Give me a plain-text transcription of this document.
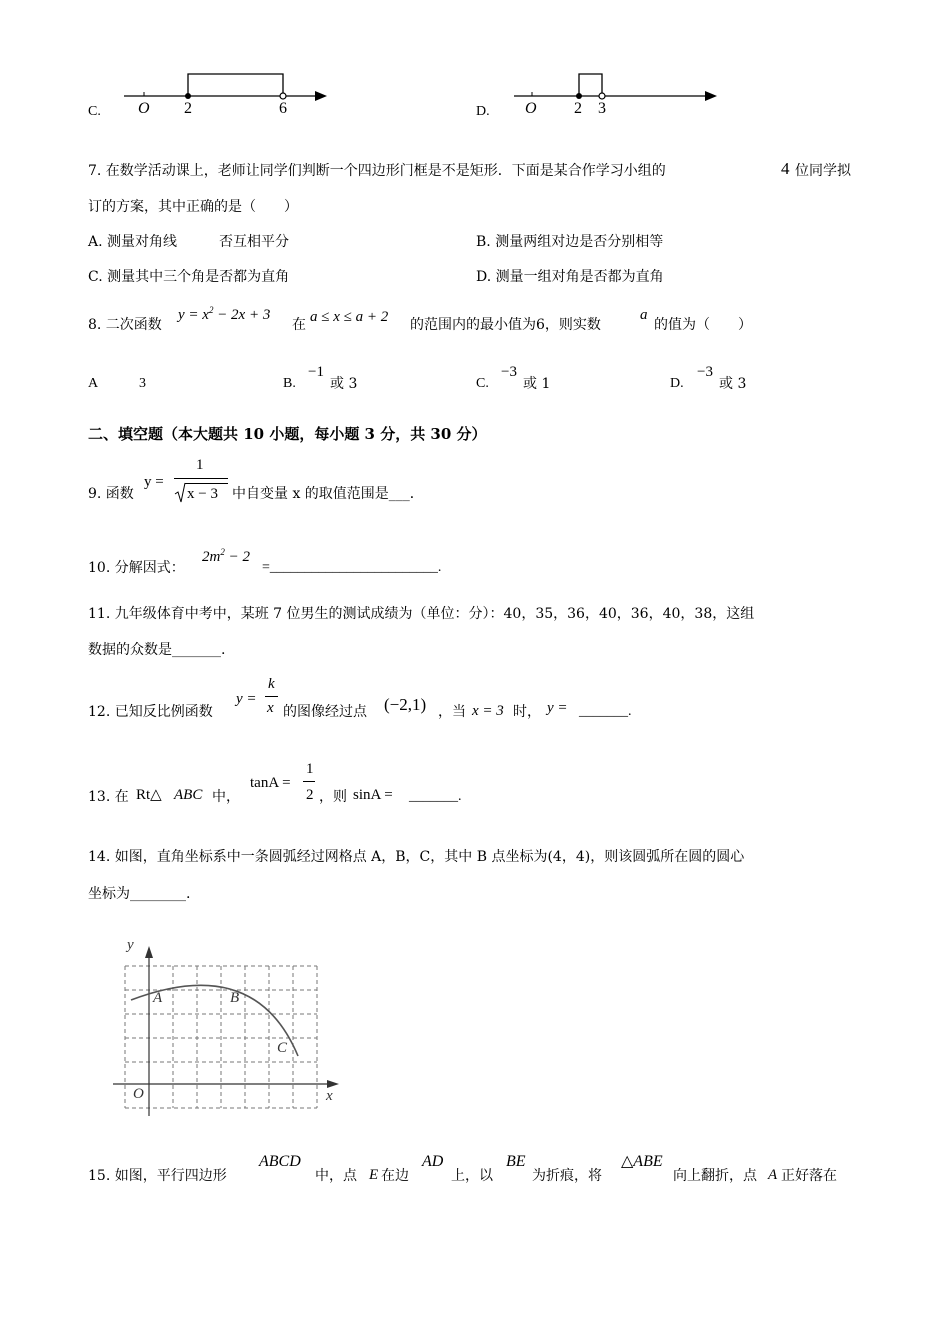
C. O 2	6	D. O 2 3
7. 在数学活动课上，老师让同学们判断一个四边形门框是不是矩形．下面是某合作学习小组的	4 位同学拟
订的方案，其中正确的是（　　）
A. 测量对角线　　　否互相平分	B. 测量两组对边是否分别相等
C. 测量其中三个角是否都为直角	D. 测量一组对角是否都为直角
8. 二次函数
$y = x^2 - 2x + 3$
在 a ≤ x ≤ a + 2 的范围内的最小值为6，则实数
a
的值为（　　）
A	3	B.
−1
或 3	C.
−3
或 1	D.
−3
或 3
二、填空题（本大题共 10 小题，每小题 3 分，共 30 分）
9. 函数
y =
1
x − 3 中自变量 x 的取值范围是___．
10. 分解因式：
$2m^2 - 2$
=________________________.
11. 九年级体育中考中，某班 7 位男生的测试成绩为（单位：分）：40，35，36，40，36，40，38，这组
数据的众数是_______.
12. 已知反比例函数
y =
k
x 的图像经过点 (−2,1) ，当 x = 3 时， y = _______.
13. 在 Rt△ ABC 中，
tanA =
1
2 ，则 sinA = _______.
14. 如图，直角坐标系中一条圆弧经过网格点 A，B，C，其中 B 点坐标为(4，4)，则该圆弧所在圆的圆心
坐标为________.
y
x
O
A	B
C
15. 如图，平行四边形
ABCD
中，点 E 在边
AD
上，以
BE
为折痕，将
△ABE
向上翻折，点 A 正好落在
